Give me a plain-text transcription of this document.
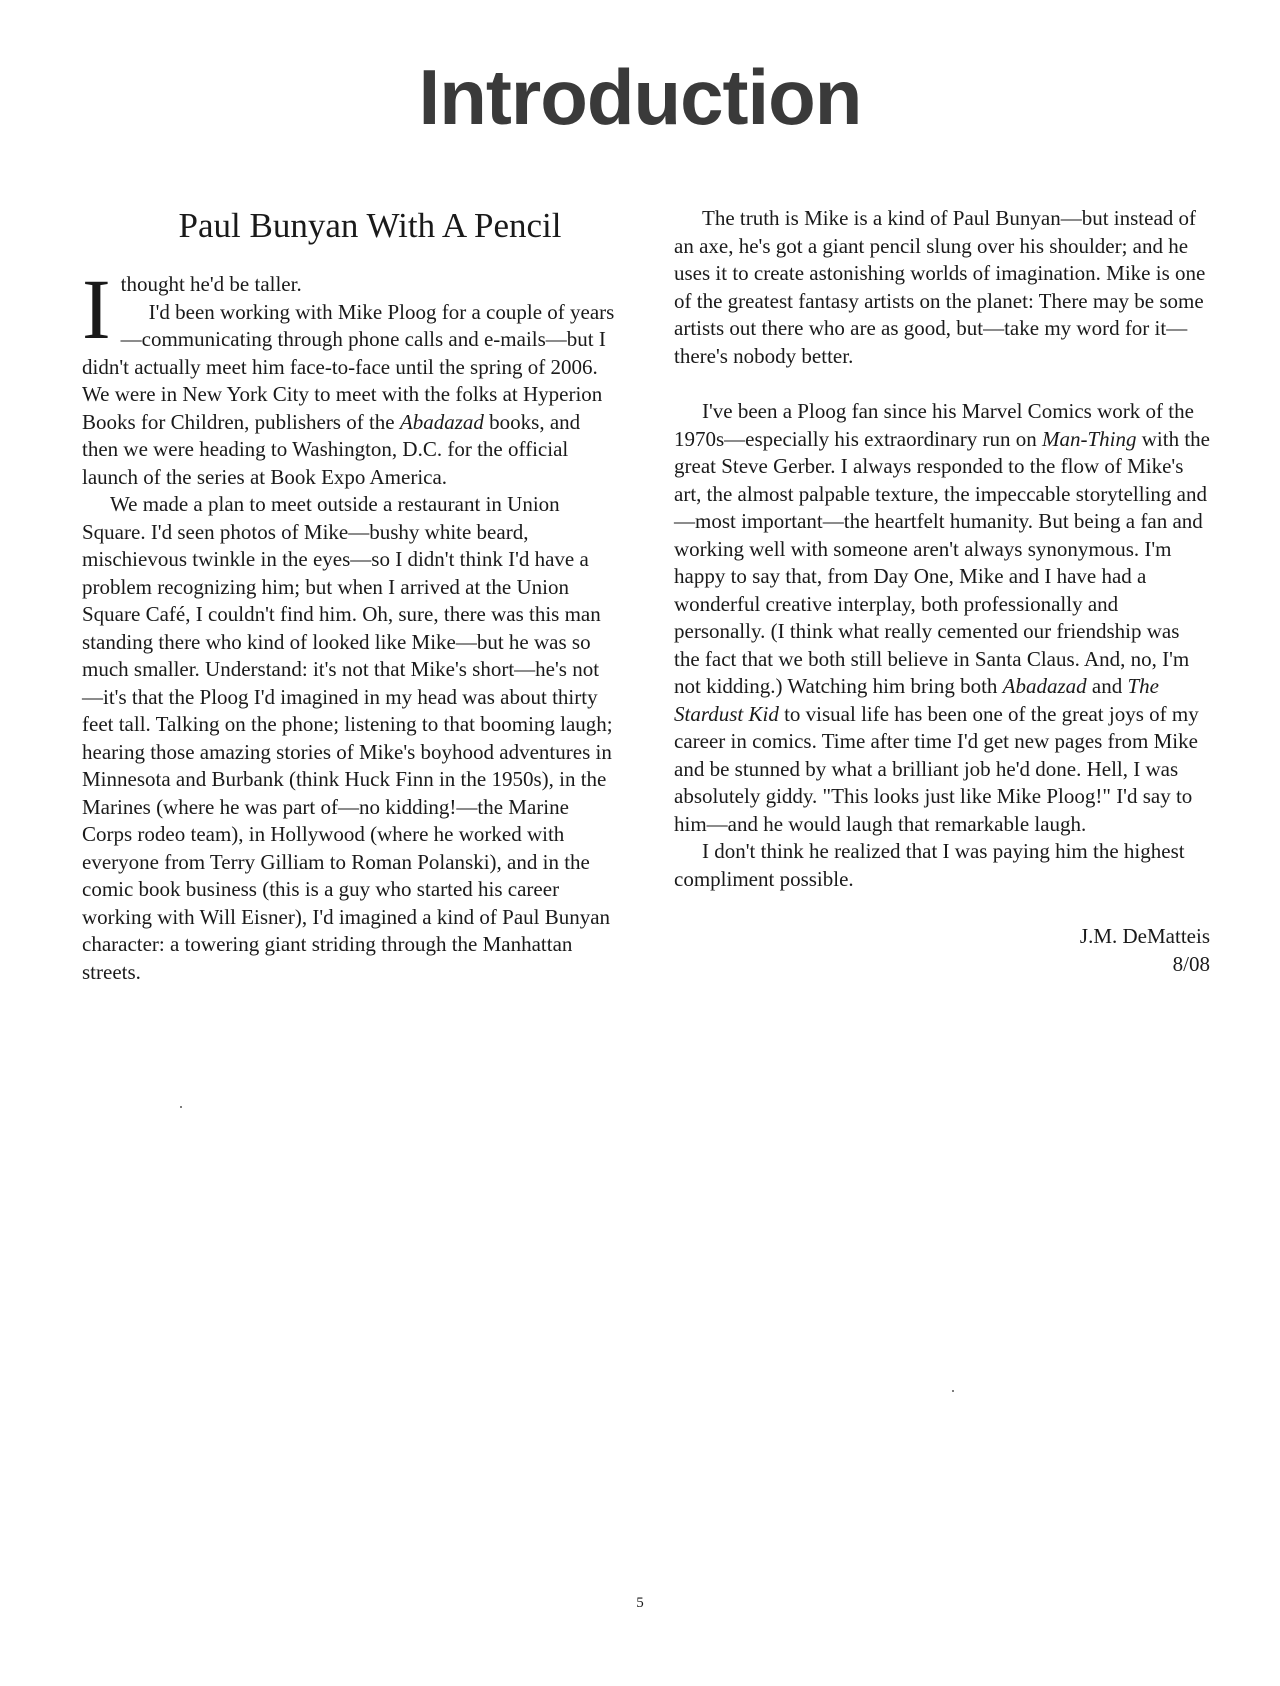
Introduction
Paul Bunyan With A Pencil

Ithought he'd be taller.

I'd been working with Mike Ploog for a couple of years—communicating through phone calls and e-mails—but I didn't actually meet him face-to-face until the spring of 2006. We were in New York City to meet with the folks at Hyperion Books for Children, publishers of the Abadazad books, and then we were heading to Washington, D.C. for the official launch of the series at Book Expo America.

We made a plan to meet outside a restaurant in Union Square. I'd seen photos of Mike—bushy white beard, mischievous twinkle in the eyes—so I didn't think I'd have a problem recognizing him; but when I arrived at the Union Square Café, I couldn't find him. Oh, sure, there was this man standing there who kind of looked like Mike—but he was so much smaller. Understand: it's not that Mike's short—he's not—it's that the Ploog I'd imagined in my head was about thirty feet tall. Talking on the phone; listening to that booming laugh; hearing those amazing stories of Mike's boyhood adventures in Minnesota and Burbank (think Huck Finn in the 1950s), in the Marines (where he was part of—no kidding!—the Marine Corps rodeo team), in Hollywood (where he worked with everyone from Terry Gilliam to Roman Polanski), and in the comic book business (this is a guy who started his career working with Will Eisner), I'd imagined a kind of Paul Bunyan character: a towering giant striding through the Manhattan streets.

The truth is Mike is a kind of Paul Bunyan—but instead of an axe, he's got a giant pencil slung over his shoulder; and he uses it to create astonishing worlds of imagination. Mike is one of the greatest fantasy artists on the planet: There may be some artists out there who are as good, but—take my word for it—there's nobody better.

I've been a Ploog fan since his Marvel Comics work of the 1970s—especially his extraordinary run on Man-Thing with the great Steve Gerber. I always responded to the flow of Mike's art, the almost palpable texture, the impeccable storytelling and—most important—the heartfelt humanity. But being a fan and working well with someone aren't always synonymous. I'm happy to say that, from Day One, Mike and I have had a wonderful creative interplay, both professionally and personally. (I think what really cemented our friendship was the fact that we both still believe in Santa Claus. And, no, I'm not kidding.) Watching him bring both Abadazad and The Stardust Kid to visual life has been one of the great joys of my career in comics. Time after time I'd get new pages from Mike and be stunned by what a brilliant job he'd done. Hell, I was absolutely giddy. "This looks just like Mike Ploog!" I'd say to him—and he would laugh that remarkable laugh.

I don't think he realized that I was paying him the highest compliment possible.

J.M. DeMatteis
8/08
5
